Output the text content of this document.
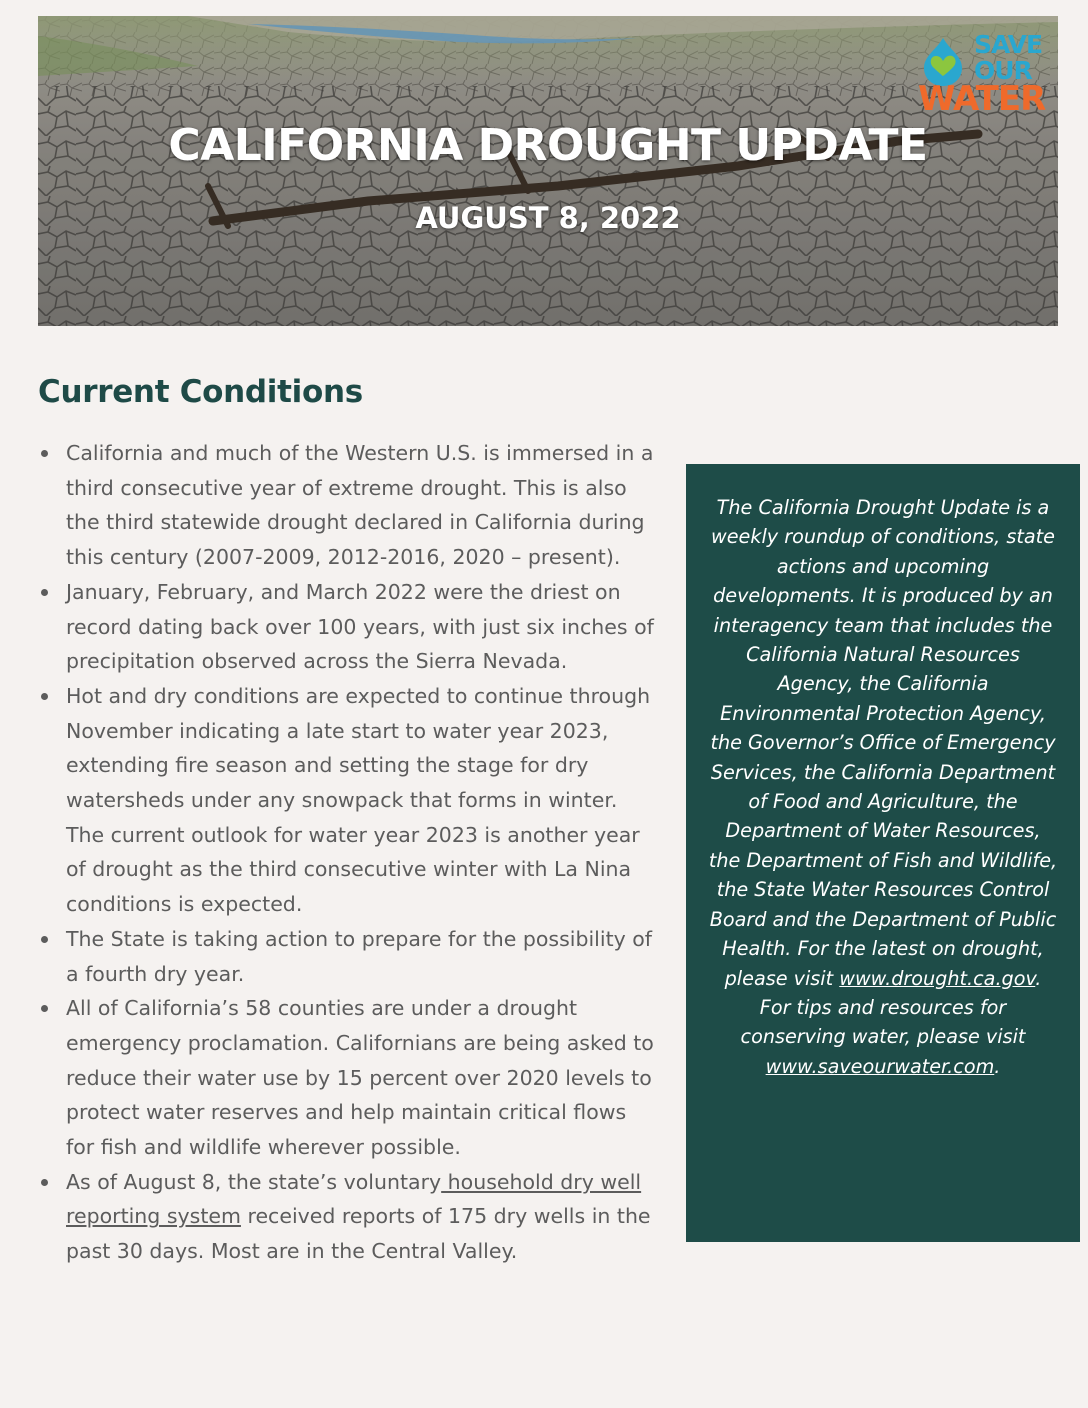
CALIFORNIA DROUGHT UPDATE
AUGUST 8, 2022
SAVE
OUR
WATER
Current Conditions
California and much of the Western U.S. is immersed in a third consecutive year of extreme drought. This is also the third statewide drought declared in California during this century (2007-2009, 2012-2016, 2020 – present).
January, February, and March 2022 were the driest on record dating back over 100 years, with just six inches of precipitation observed across the Sierra Nevada.
Hot and dry conditions are expected to continue through November indicating a late start to water year 2023, extending fire season and setting the stage for dry watersheds under any snowpack that forms in winter. The current outlook for water year 2023 is another year of drought as the third consecutive winter with La Nina conditions is expected.
The State is taking action to prepare for the possibility of a fourth dry year.
All of California’s 58 counties are under a drought emergency proclamation. Californians are being asked to reduce their water use by 15 percent over 2020 levels to protect water reserves and help maintain critical flows for fish and wildlife wherever possible.
As of August 8, the state’s voluntary household dry well reporting system received reports of 175 dry wells in the past 30 days. Most are in the Central Valley.

The California Drought Update is a weekly roundup of conditions, state actions and upcoming developments. It is produced by an interagency team that includes the California Natural Resources Agency, the California Environmental Protection Agency, the Governor’s Office of Emergency Services, the California Department of Food and Agriculture, the Department of Water Resources, the Department of Fish and Wildlife, the State Water Resources Control Board and the Department of Public Health. For the latest on drought, please visit www.drought.ca.gov. For tips and resources for conserving water, please visit www.saveourwater.com.
